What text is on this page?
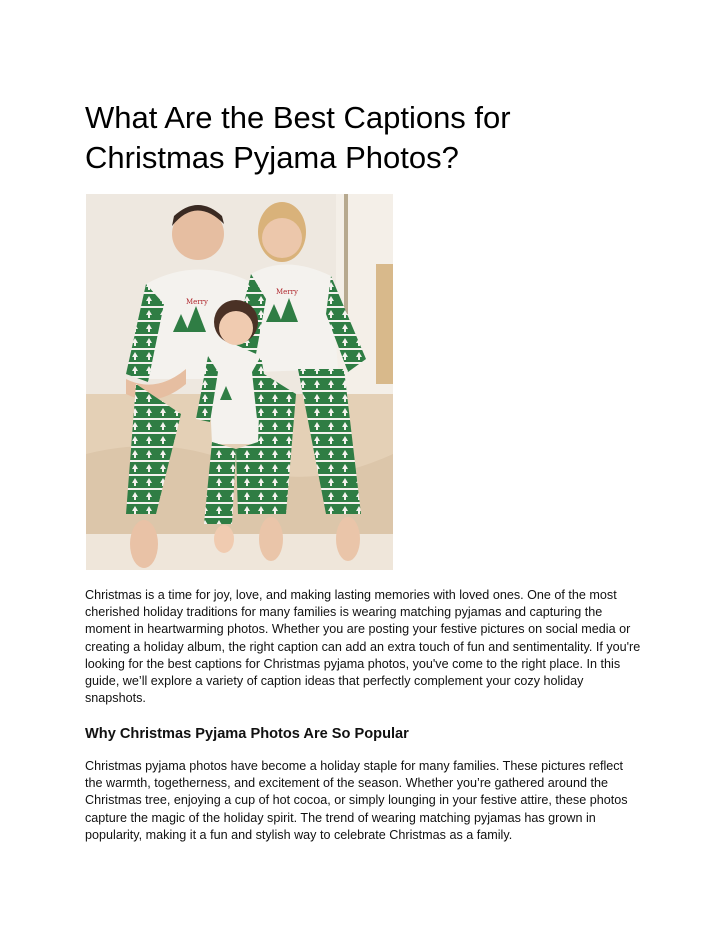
What Are the Best Captions for Christmas Pyjama Photos?
Merry
Merry

Christmas is a time for joy, love, and making lasting memories with loved ones. One of the most cherished holiday traditions for many families is wearing matching pyjamas and capturing the moment in heartwarming photos. Whether you are posting your festive pictures on social media or creating a holiday album, the right caption can add an extra touch of fun and sentimentality. If you're looking for the best captions for Christmas pyjama photos, you've come to the right place. In this guide, we’ll explore a variety of caption ideas that perfectly complement your cozy holiday snapshots.

Why Christmas Pyjama Photos Are So Popular

Christmas pyjama photos have become a holiday staple for many families. These pictures reflect the warmth, togetherness, and excitement of the season. Whether you’re gathered around the Christmas tree, enjoying a cup of hot cocoa, or simply lounging in your festive attire, these photos capture the magic of the holiday spirit. The trend of wearing matching pyjamas has grown in popularity, making it a fun and stylish way to celebrate Christmas as a family.
